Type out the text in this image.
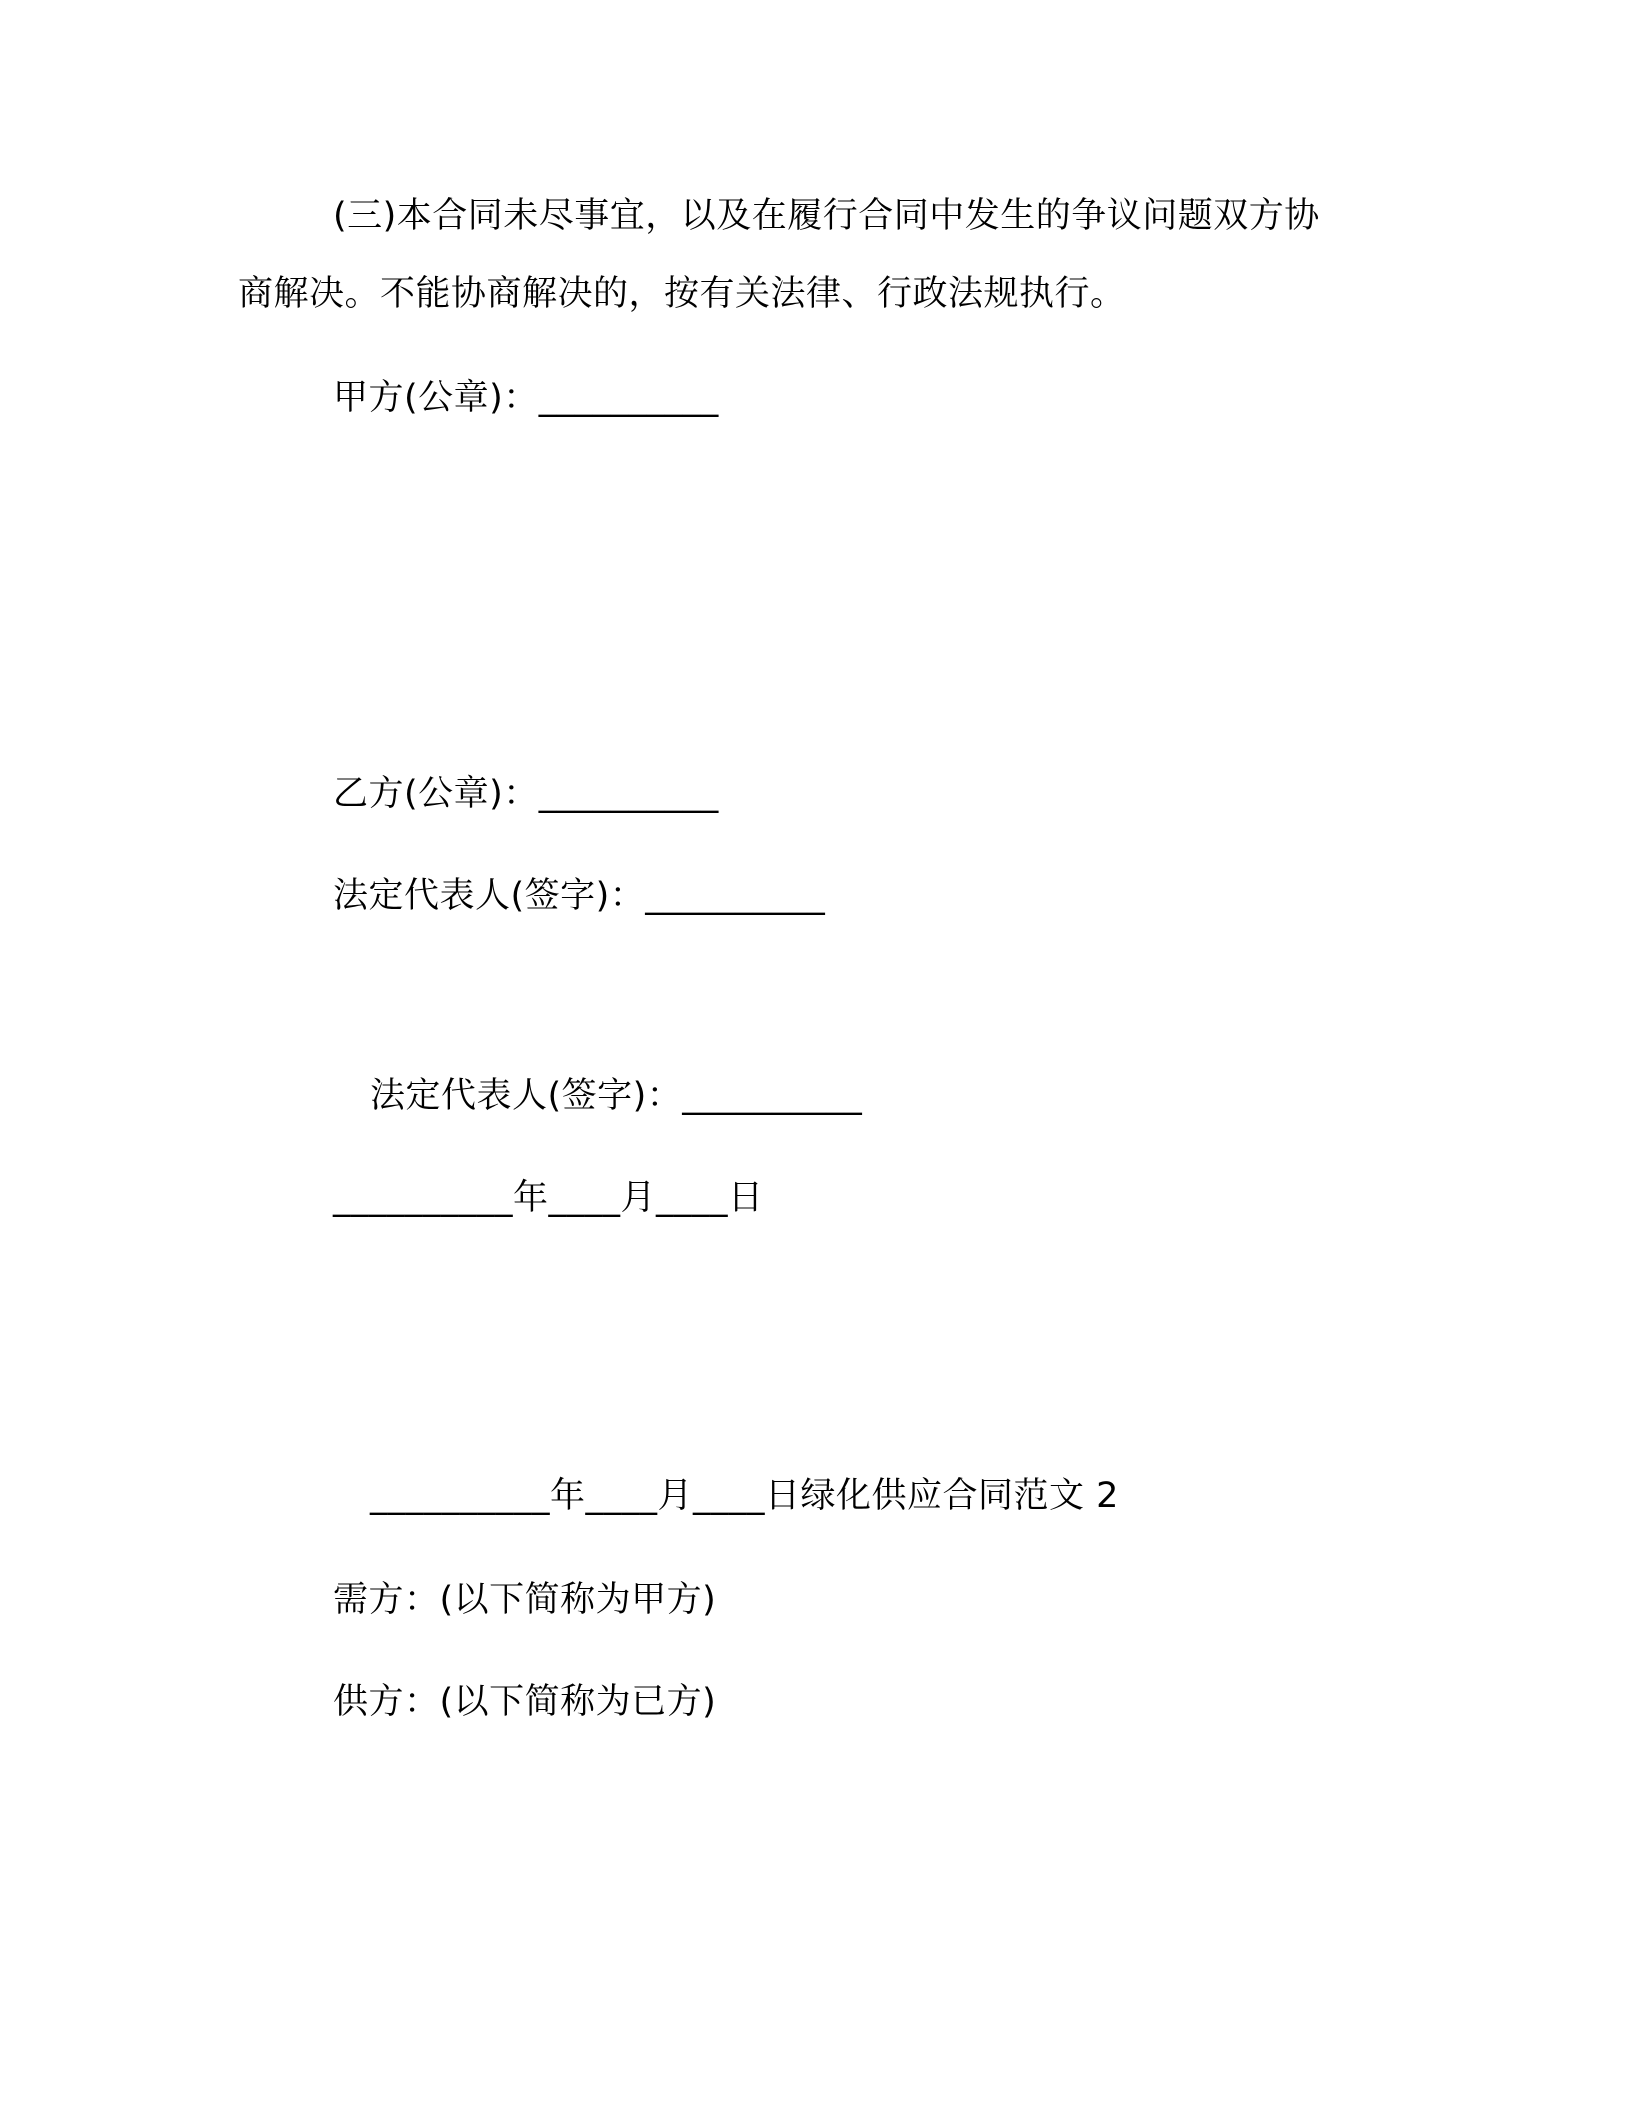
(三)本合同未尽事宜，以及在履行合同中发生的争议问题双方协
商解决。不能协商解决的，按有关法律、行政法规执行。
甲方(公章)：__________
乙方(公章)：__________
法定代表人(签字)：__________
法定代表人(签字)：__________
__________年____月____日
__________年____月____日绿化供应合同范文 2
需方：(以下简称为甲方)
供方：(以下简称为已方)
